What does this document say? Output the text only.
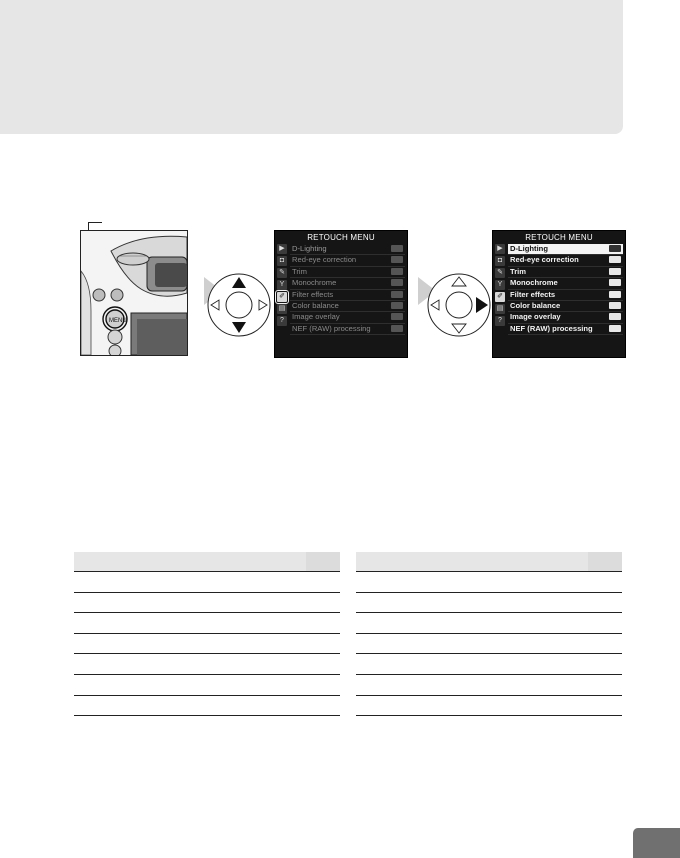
MENU
RETOUCH MENU
▶
◘
✎
Y
✐
▤
?
D-Lighting
Red-eye correction
Trim
Monochrome
Filter effects
Color balance
Image overlay
NEF (RAW) processing
RETOUCH MENU
▶
◘
✎
Y
✐
▤
?
D-Lighting
Red-eye correction
Trim
Monochrome
Filter effects
Color balance
Image overlay
NEF (RAW) processing
